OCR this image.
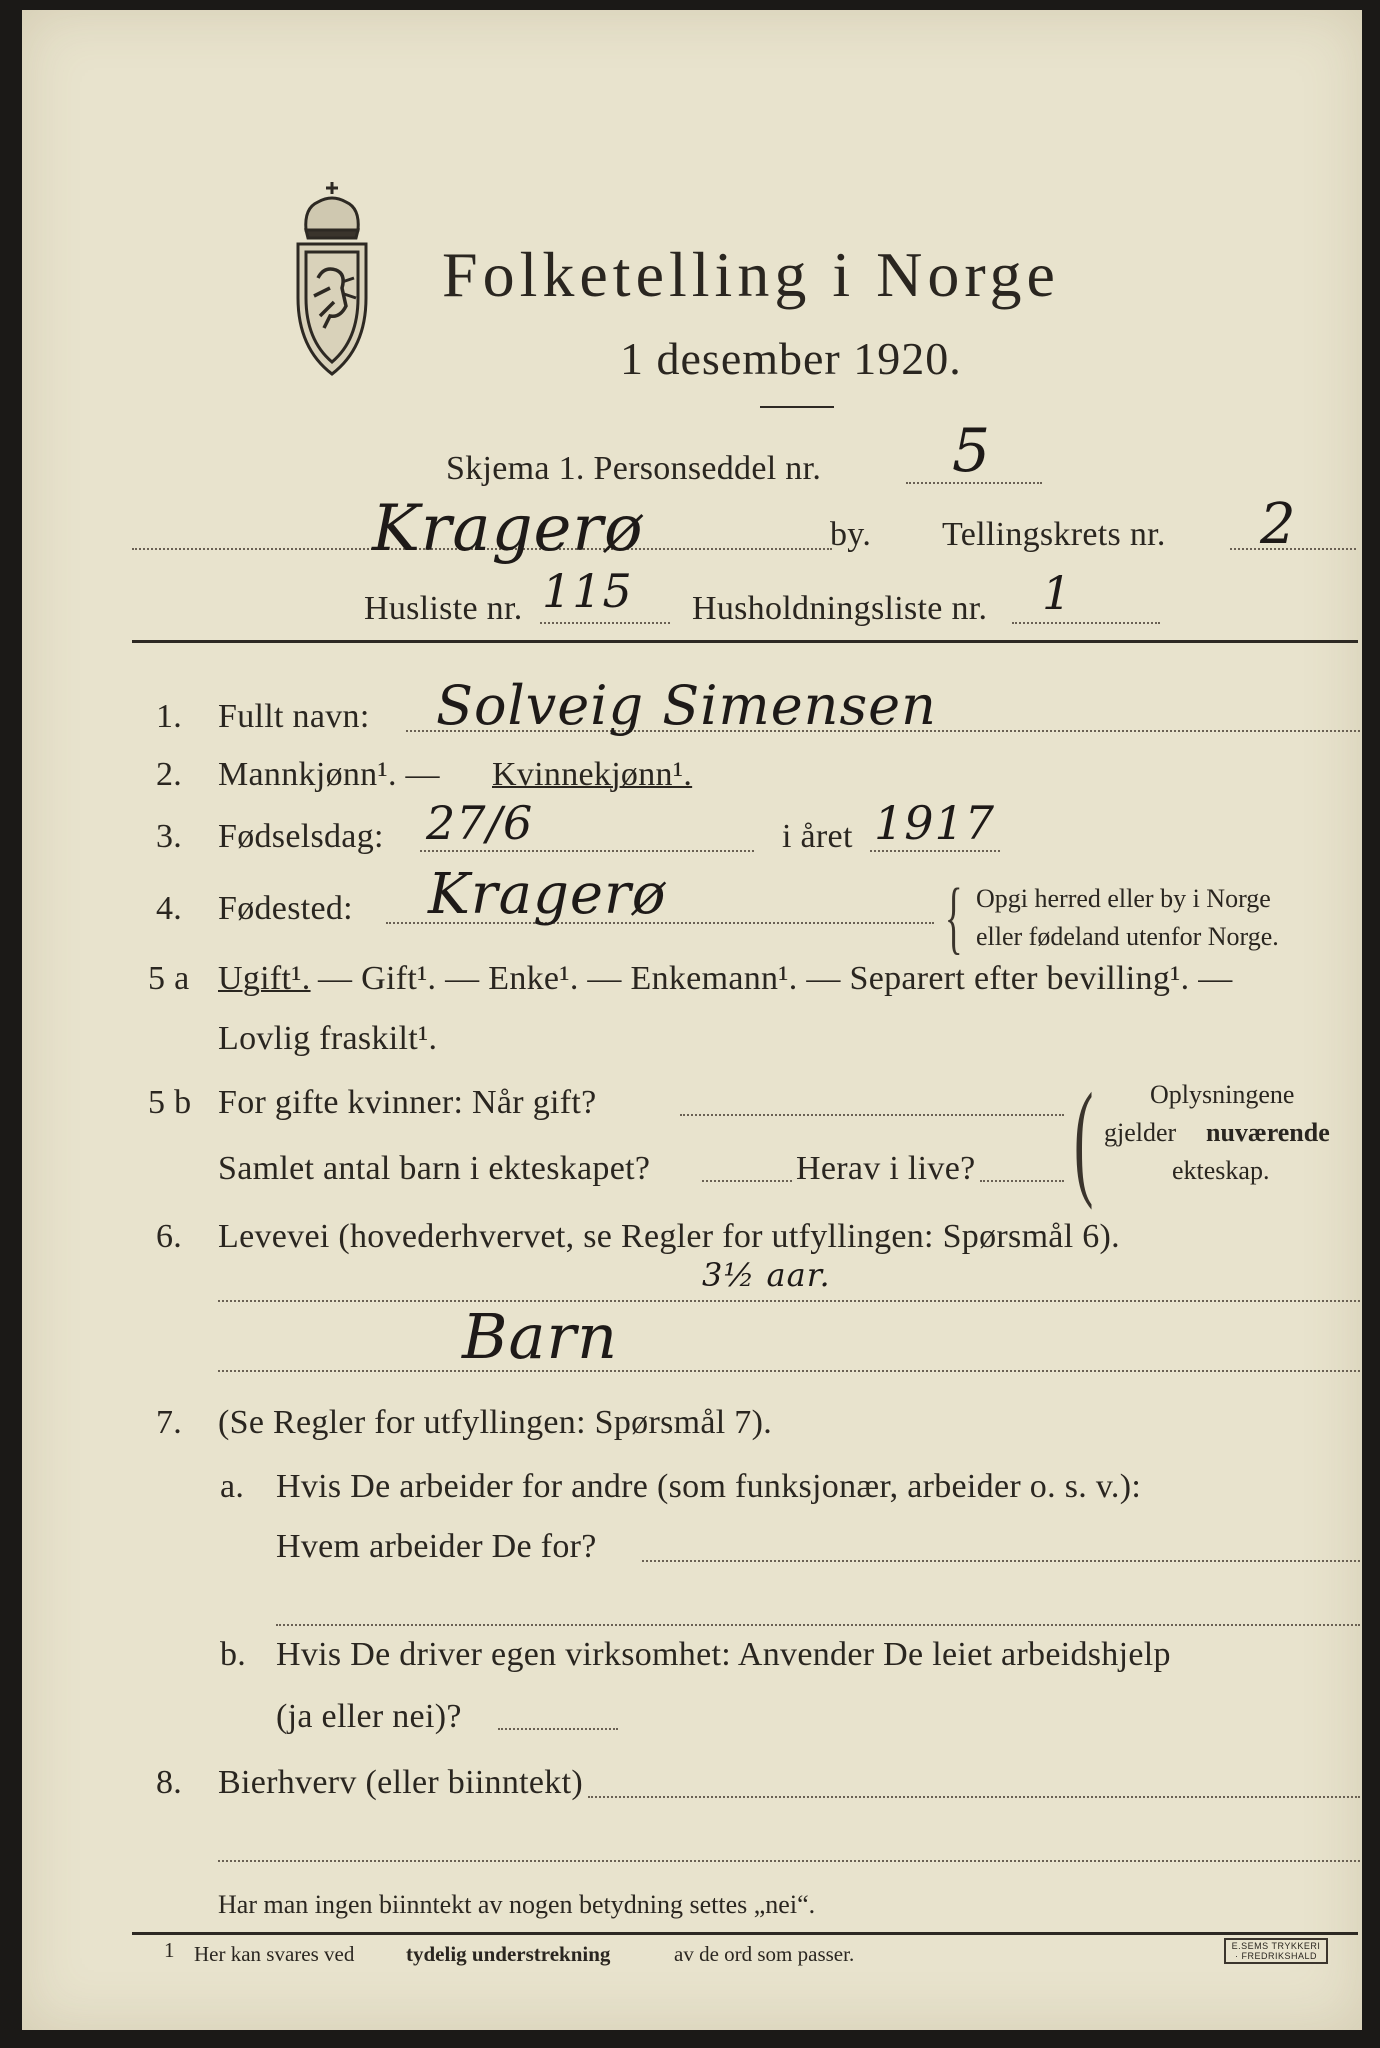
Folketelling i Norge
1 desember 1920.
Skjema 1. Personseddel nr. 5
Kragerø	by. Tellingskrets nr. 2
Husliste nr. 115 Husholdningsliste nr. 1
1. Fullt navn: Solveig Simensen
2. Mannkjønn¹. — Kvinnekjønn¹.
3. Fødselsdag: 27/6	i året 1917
4. Fødested: Kragerø	{ Opgi herred eller by i Norge
eller fødeland utenfor Norge.
5 a Ugift¹. — Gift¹. — Enke¹. — Enkemann¹. — Separert efter bevilling¹. —
Lovlig fraskilt¹.
5 b For gifte kvinner: Når gift?
Samlet antal barn i ekteskapet?	Herav i live? ( Oplysningene
gjelder nuværende
ekteskap.
6. Levevei (hovederhvervet, se Regler for utfyllingen: Spørsmål 6).
3½ aar.
Barn
7. (Se Regler for utfyllingen: Spørsmål 7).
a. Hvis De arbeider for andre (som funksjonær, arbeider o. s. v.):
Hvem arbeider De for?
b. Hvis De driver egen virksomhet: Anvender De leiet arbeidshjelp
(ja eller nei)?
8. Bierhverv (eller biinntekt)
Har man ingen biinntekt av nogen betydning settes „nei“.
1 Her kan svares ved tydelig understrekning	av de ord som passer.	E.SEMS TRYKKERI · FREDRIKSHALD
